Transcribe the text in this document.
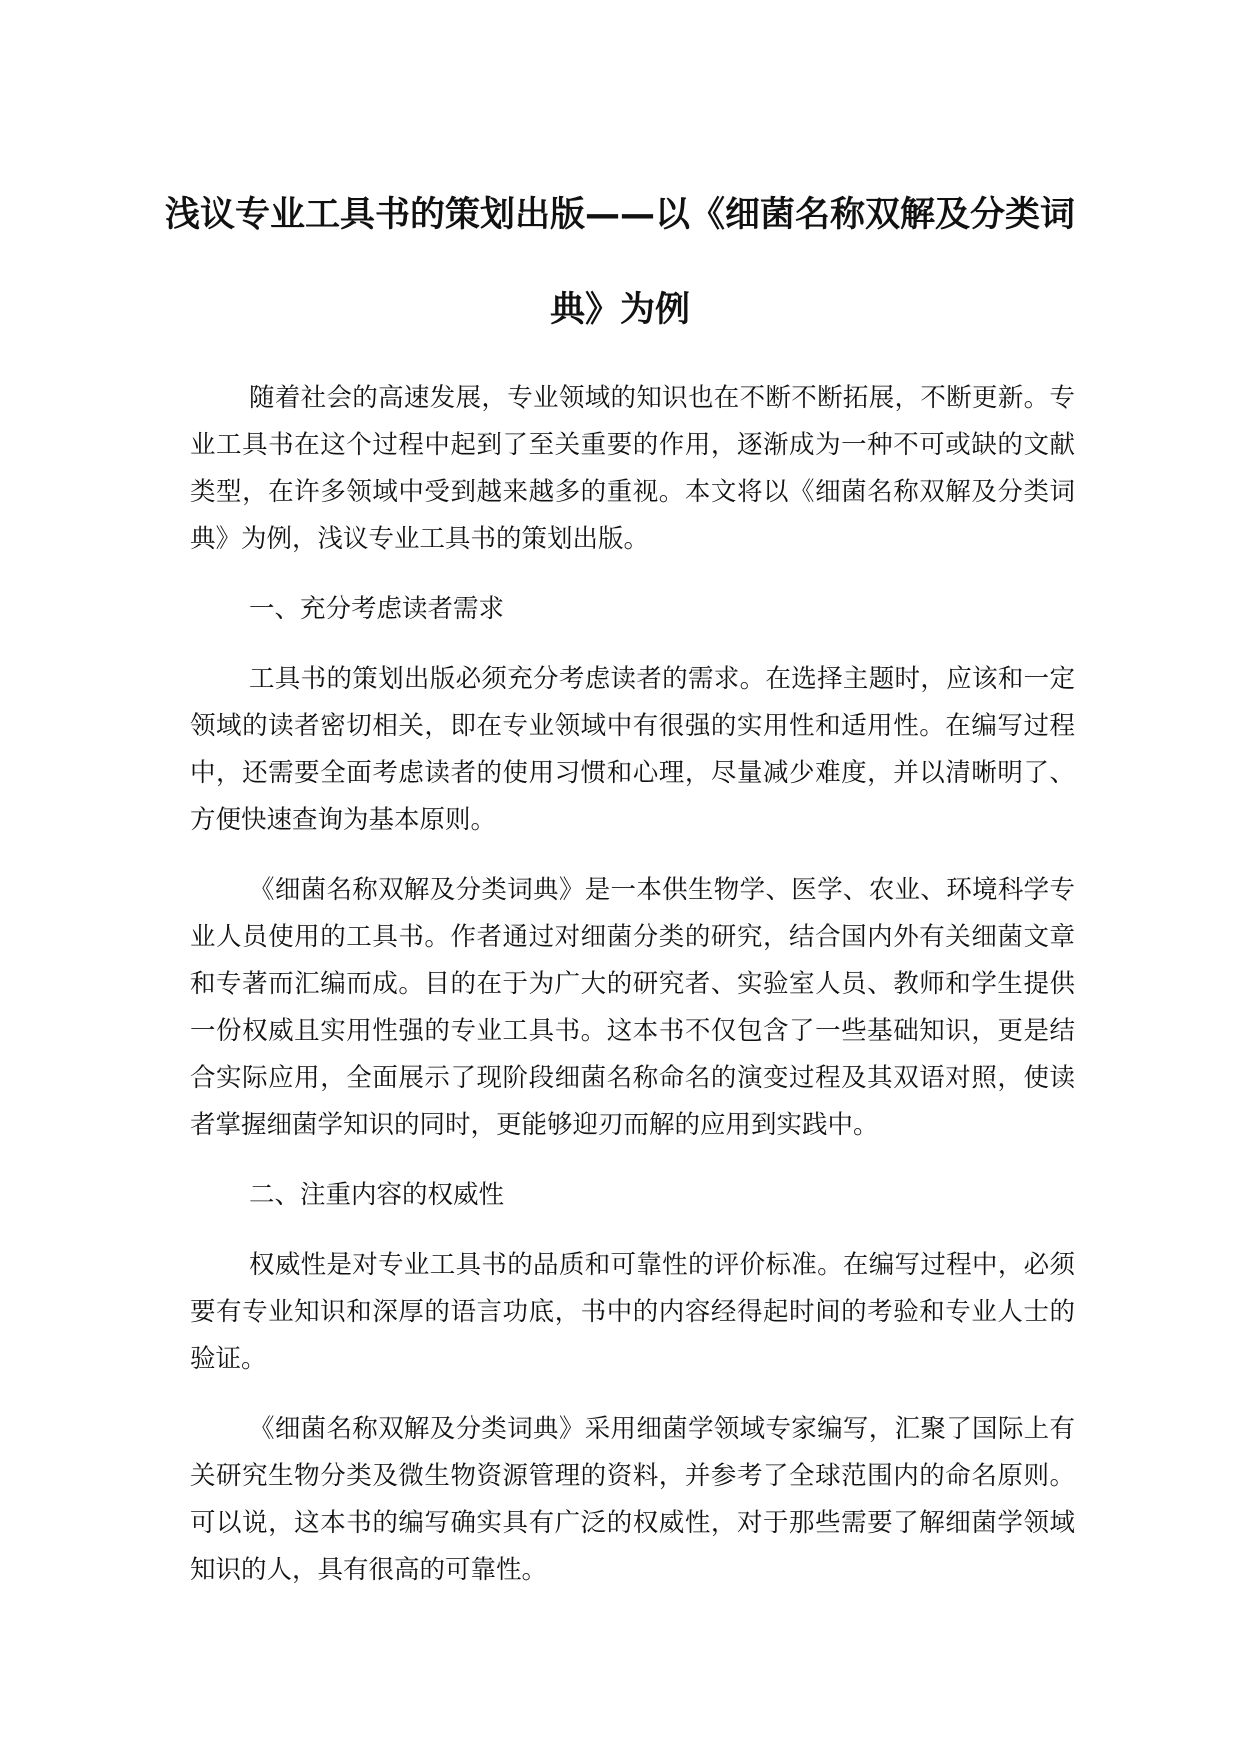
浅议专业工具书的策划出版——以《细菌名称双解及分类词典》为例

随着社会的高速发展，专业领域的知识也在不断不断拓展，不断更新。专业工具书在这个过程中起到了至关重要的作用，逐渐成为一种不可或缺的文献类型，在许多领域中受到越来越多的重视。本文将以《细菌名称双解及分类词典》为例，浅议专业工具书的策划出版。

一、充分考虑读者需求

工具书的策划出版必须充分考虑读者的需求。在选择主题时，应该和一定领域的读者密切相关，即在专业领域中有很强的实用性和适用性。在编写过程中，还需要全面考虑读者的使用习惯和心理，尽量减少难度，并以清晰明了、方便快速查询为基本原则。

《细菌名称双解及分类词典》是一本供生物学、医学、农业、环境科学专业人员使用的工具书。作者通过对细菌分类的研究，结合国内外有关细菌文章和专著而汇编而成。目的在于为广大的研究者、实验室人员、教师和学生提供一份权威且实用性强的专业工具书。这本书不仅包含了一些基础知识，更是结合实际应用，全面展示了现阶段细菌名称命名的演变过程及其双语对照，使读者掌握细菌学知识的同时，更能够迎刃而解的应用到实践中。

二、注重内容的权威性

权威性是对专业工具书的品质和可靠性的评价标准。在编写过程中，必须要有专业知识和深厚的语言功底，书中的内容经得起时间的考验和专业人士的验证。

《细菌名称双解及分类词典》采用细菌学领域专家编写，汇聚了国际上有关研究生物分类及微生物资源管理的资料，并参考了全球范围内的命名原则。可以说，这本书的编写确实具有广泛的权威性，对于那些需要了解细菌学领域知识的人，具有很高的可靠性。
